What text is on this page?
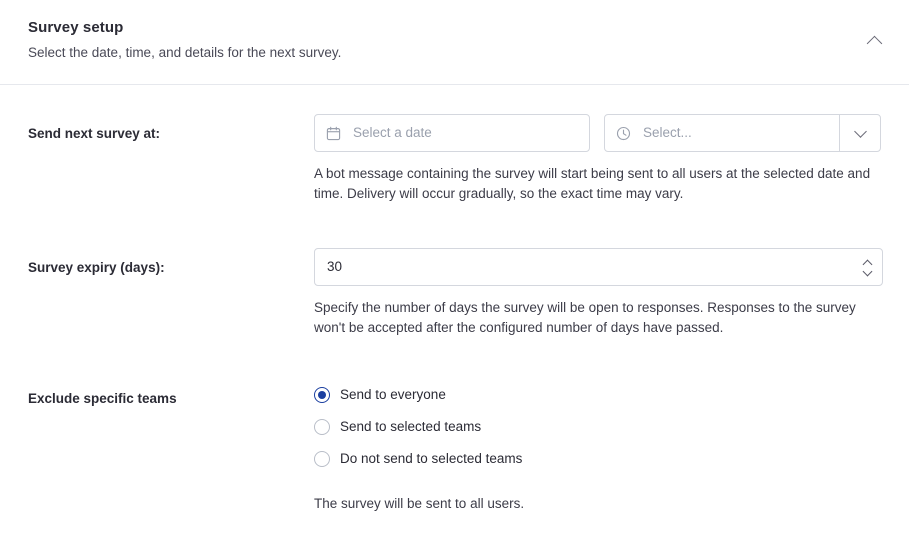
Survey setup
Select the date, time, and details for the next survey.
Send next survey at:	Select a date	Select...
A bot message containing the survey will start being sent to all users at the selected date and time. Delivery will occur gradually, so the exact time may vary.
Survey expiry (days):
30
Specify the number of days the survey will be open to responses. Responses to the survey won't be accepted after the configured number of days have passed.
Exclude specific teams	Send to everyone
Send to selected teams
Do not send to selected teams
The survey will be sent to all users.
